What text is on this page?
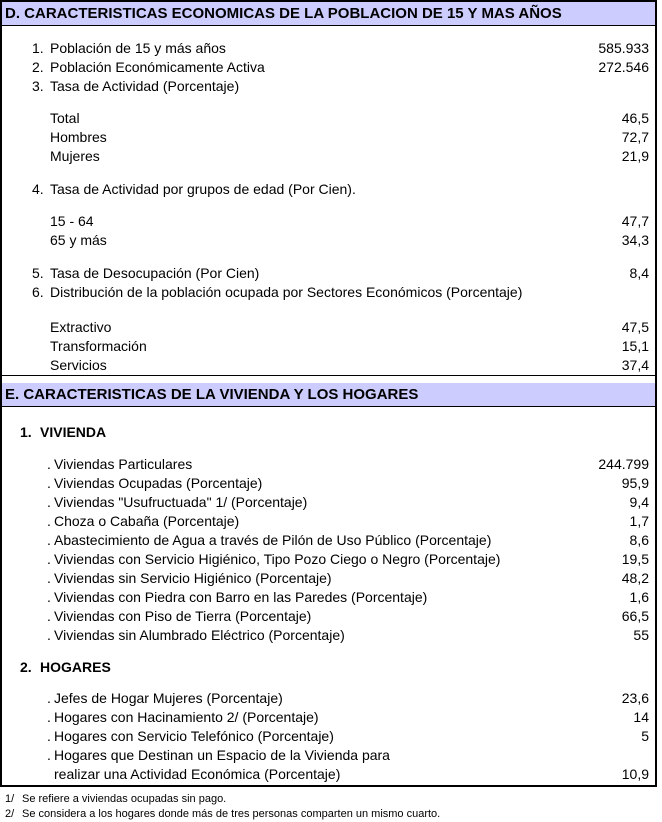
D. CARACTERISTICAS ECONOMICAS DE LA POBLACION DE 15 Y MAS AÑOS
1. Población de 15 y más años	585.933
2. Población Económicamente Activa	272.546
3. Tasa de Actividad (Porcentaje)
Total	46,5
Hombres	72,7
Mujeres	21,9
4. Tasa de Actividad por grupos de edad (Por Cien).
15 - 64	47,7
65 y más	34,3
5. Tasa de Desocupación (Por Cien)	8,4
6. Distribución de la población ocupada por Sectores Económicos (Porcentaje)
Extractivo	47,5
Transformación	15,1
Servicios	37,4
E. CARACTERISTICAS DE LA VIVIENDA Y LOS HOGARES
1. VIVIENDA
. Viviendas Particulares	244.799
. Viviendas Ocupadas (Porcentaje)	95,9
. Viviendas "Usufructuada" 1/ (Porcentaje)	9,4
. Choza o Cabaña (Porcentaje)	1,7
. Abastecimiento de Agua a través de Pilón de Uso Público (Porcentaje)	8,6
. Viviendas con Servicio Higiénico, Tipo Pozo Ciego o Negro (Porcentaje)	19,5
. Viviendas sin Servicio Higiénico (Porcentaje)	48,2
. Viviendas con Piedra con Barro en las Paredes (Porcentaje)	1,6
. Viviendas con Piso de Tierra (Porcentaje)	66,5
. Viviendas sin Alumbrado Eléctrico (Porcentaje)	55
2. HOGARES
. Jefes de Hogar Mujeres (Porcentaje)	23,6
. Hogares con Hacinamiento 2/ (Porcentaje)	14
. Hogares con Servicio Telefónico (Porcentaje)	5
. Hogares que Destinan un Espacio de la Vivienda para
realizar una Actividad Económica (Porcentaje)	10,9
1/ Se refiere a viviendas ocupadas sin pago.
2/ Se considera a los hogares donde más de tres personas comparten un mismo cuarto.
